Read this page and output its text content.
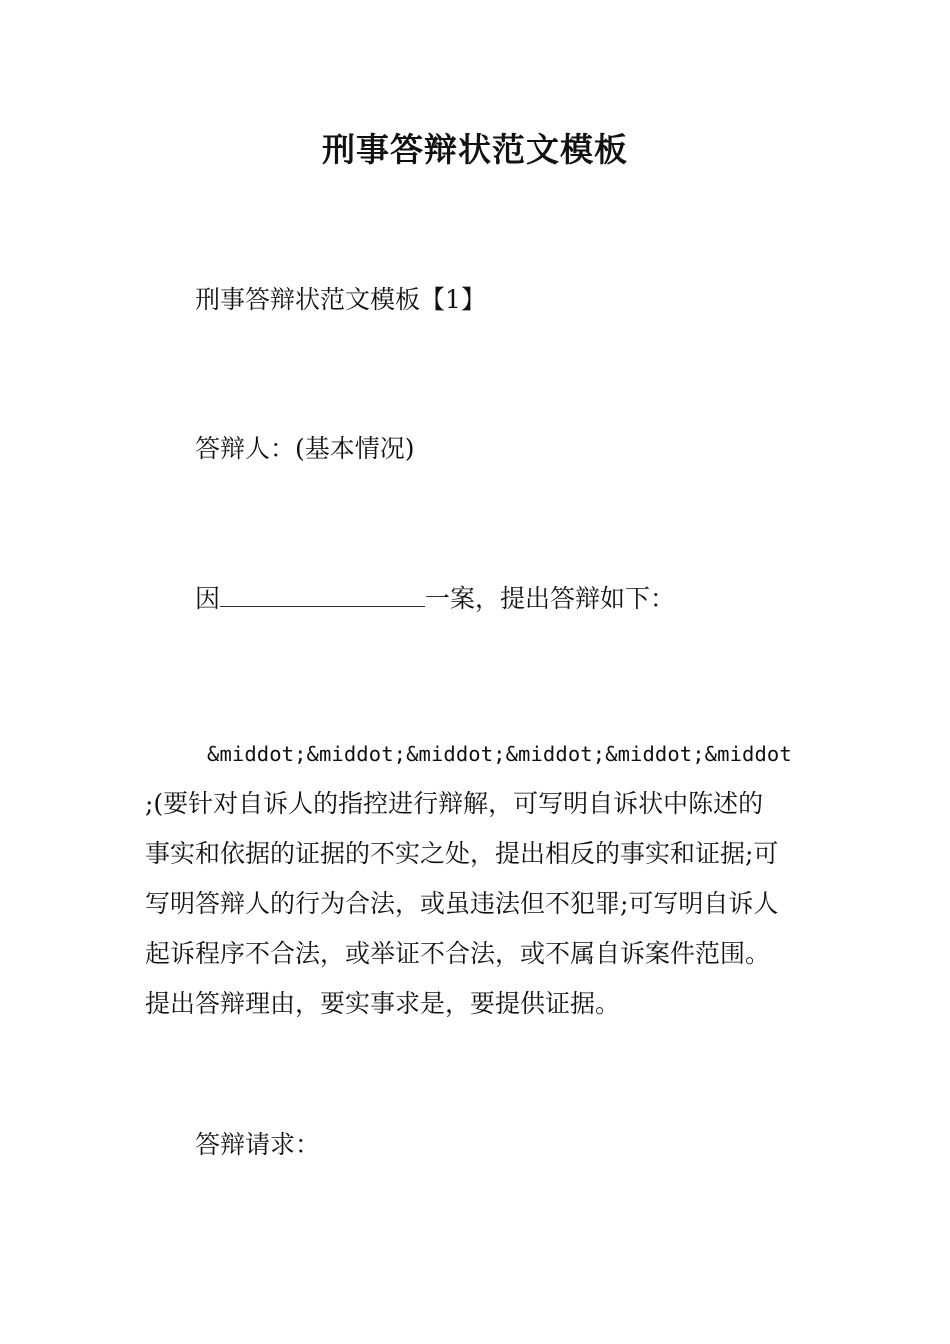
刑事答辩状范文模板
刑事答辩状范文模板【1】
答辩人：(基本情况)
因	一案，提出答辩如下：
&middot;&middot;&middot;&middot;&middot;&middot
;(要针对自诉人的指控进行辩解，可写明自诉状中陈述的
事实和依据的证据的不实之处，提出相反的事实和证据;可
写明答辩人的行为合法，或虽违法但不犯罪;可写明自诉人
起诉程序不合法，或举证不合法，或不属自诉案件范围。
提出答辩理由，要实事求是，要提供证据。
答辩请求：
